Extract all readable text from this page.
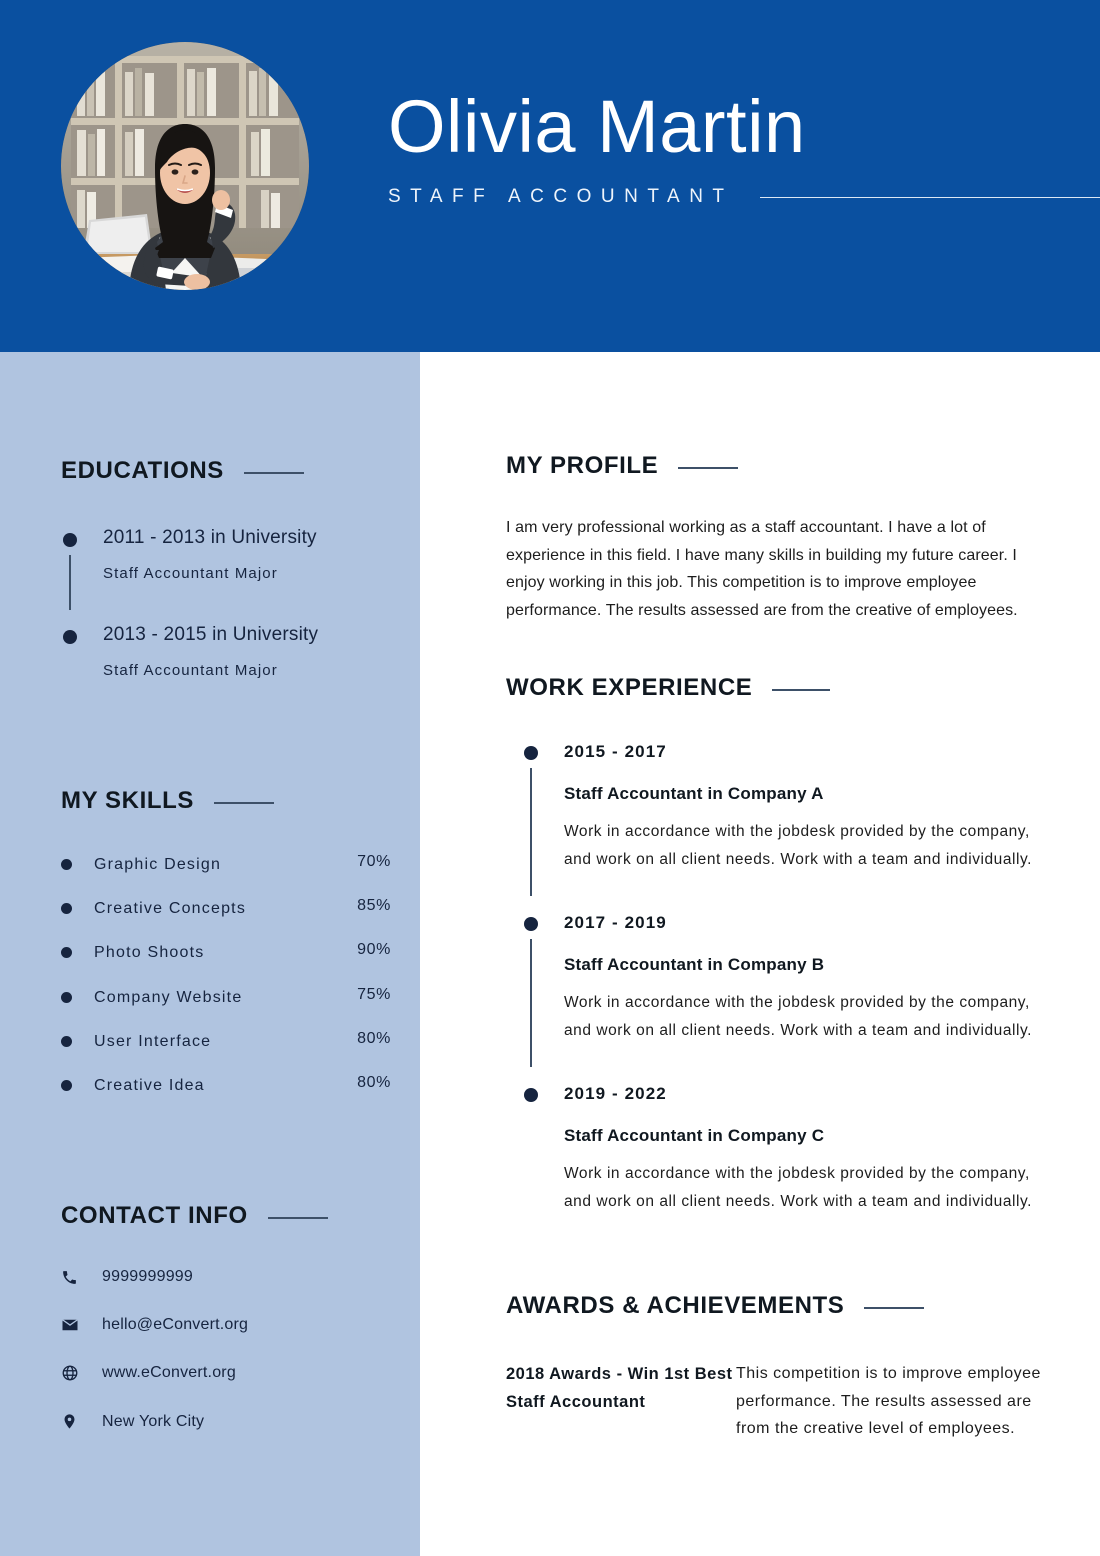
Olivia Martin
STAFF ACCOUNTANT
EDUCATIONS
2011 - 2013 in University
Staff Accountant Major
2013 - 2015 in University
Staff Accountant Major
MY SKILLS
Graphic Design	70%
Creative Concepts	85%
Photo Shoots	90%
Company Website	75%
User Interface	80%
Creative Idea	80%
CONTACT INFO
9999999999
hello@eConvert.org
www.eConvert.org
New York City
MY PROFILE
I am very professional working as a staff accountant. I have a lot of experience in this field. I have many skills in building my future career. I enjoy working in this job. This competition is to improve employee performance. The results assessed are from the creative of employees.
WORK EXPERIENCE
2015 - 2017
Staff Accountant in Company A
Work in accordance with the jobdesk provided by the company, and work on all client needs. Work with a team and individually.
2017 - 2019
Staff Accountant in Company B
Work in accordance with the jobdesk provided by the company, and work on all client needs. Work with a team and individually.
2019 - 2022
Staff Accountant in Company C
Work in accordance with the jobdesk provided by the company, and work on all client needs. Work with a team and individually.
AWARDS & ACHIEVEMENTS
2018 Awards - Win 1st Best Staff Accountant
This competition is to improve employee performance. The results assessed are from the creative level of employees.
